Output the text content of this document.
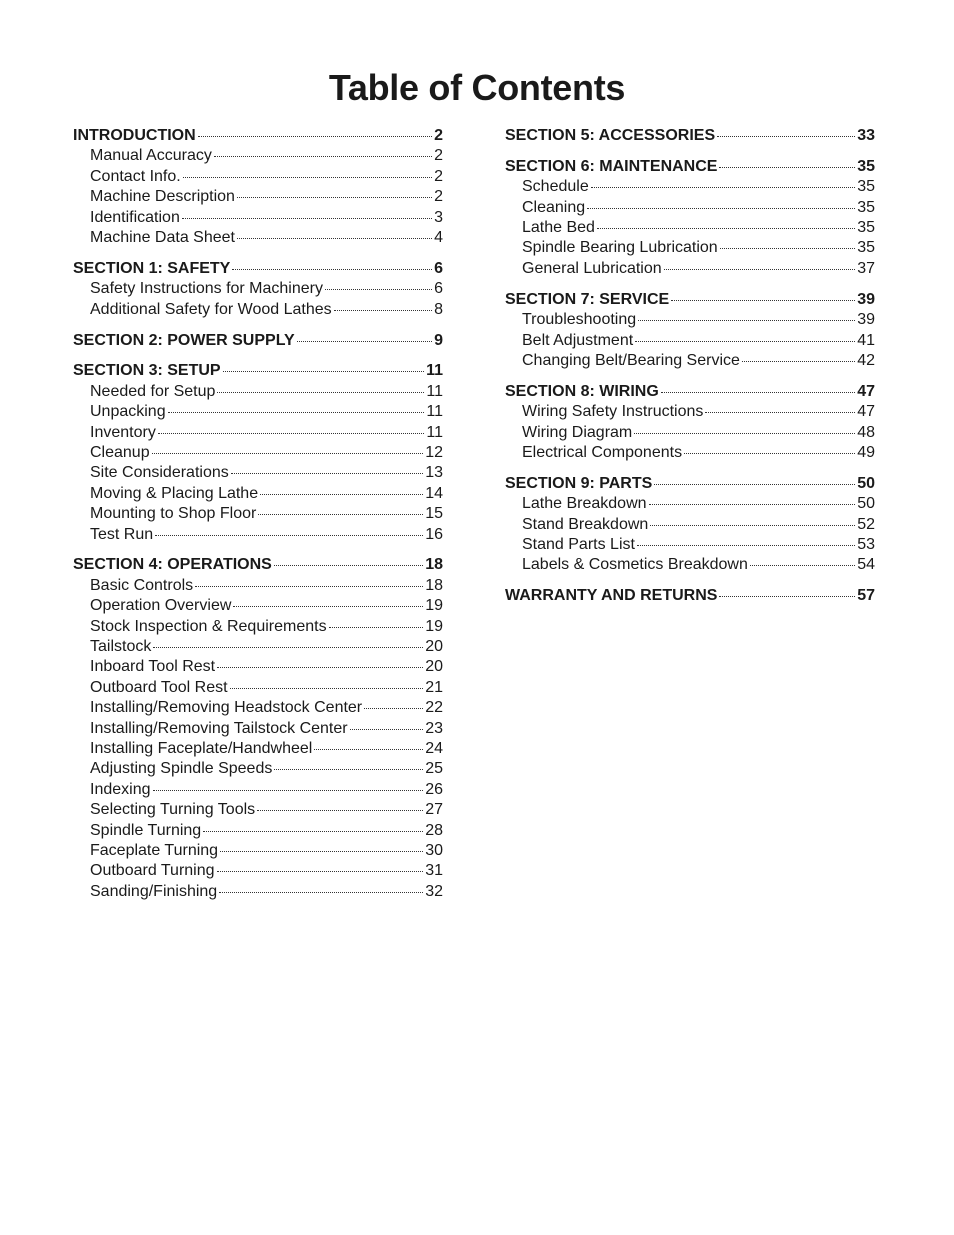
Table of Contents
INTRODUCTION	2
Manual Accuracy	2
Contact Info.	2
Machine Description	2
Identification	3
Machine Data Sheet	4
SECTION 1: SAFETY	6
Safety Instructions for Machinery	6
Additional Safety for Wood Lathes	8
SECTION 2: POWER SUPPLY	9
SECTION 3: SETUP	11
Needed for Setup	11
Unpacking	11
Inventory	11
Cleanup	12
Site Considerations	13
Moving & Placing Lathe	14
Mounting to Shop Floor	15
Test Run	16
SECTION 4: OPERATIONS	18
Basic Controls	18
Operation Overview	19
Stock Inspection & Requirements	19
Tailstock	20
Inboard Tool Rest	20
Outboard Tool Rest	21
Installing/Removing Headstock Center	22
Installing/Removing Tailstock Center	23
Installing Faceplate/Handwheel	24
Adjusting Spindle Speeds	25
Indexing	26
Selecting Turning Tools	27
Spindle Turning	28
Faceplate Turning	30
Outboard Turning	31
Sanding/Finishing	32
SECTION 5: ACCESSORIES	33
SECTION 6: MAINTENANCE	35
Schedule	35
Cleaning	35
Lathe Bed	35
Spindle Bearing Lubrication	35
General Lubrication	37
SECTION 7: SERVICE	39
Troubleshooting	39
Belt Adjustment	41
Changing Belt/Bearing Service	42
SECTION 8: WIRING	47
Wiring Safety Instructions	47
Wiring Diagram	48
Electrical Components	49
SECTION 9: PARTS	50
Lathe Breakdown	50
Stand Breakdown	52
Stand Parts List	53
Labels & Cosmetics Breakdown	54
WARRANTY AND RETURNS	57
